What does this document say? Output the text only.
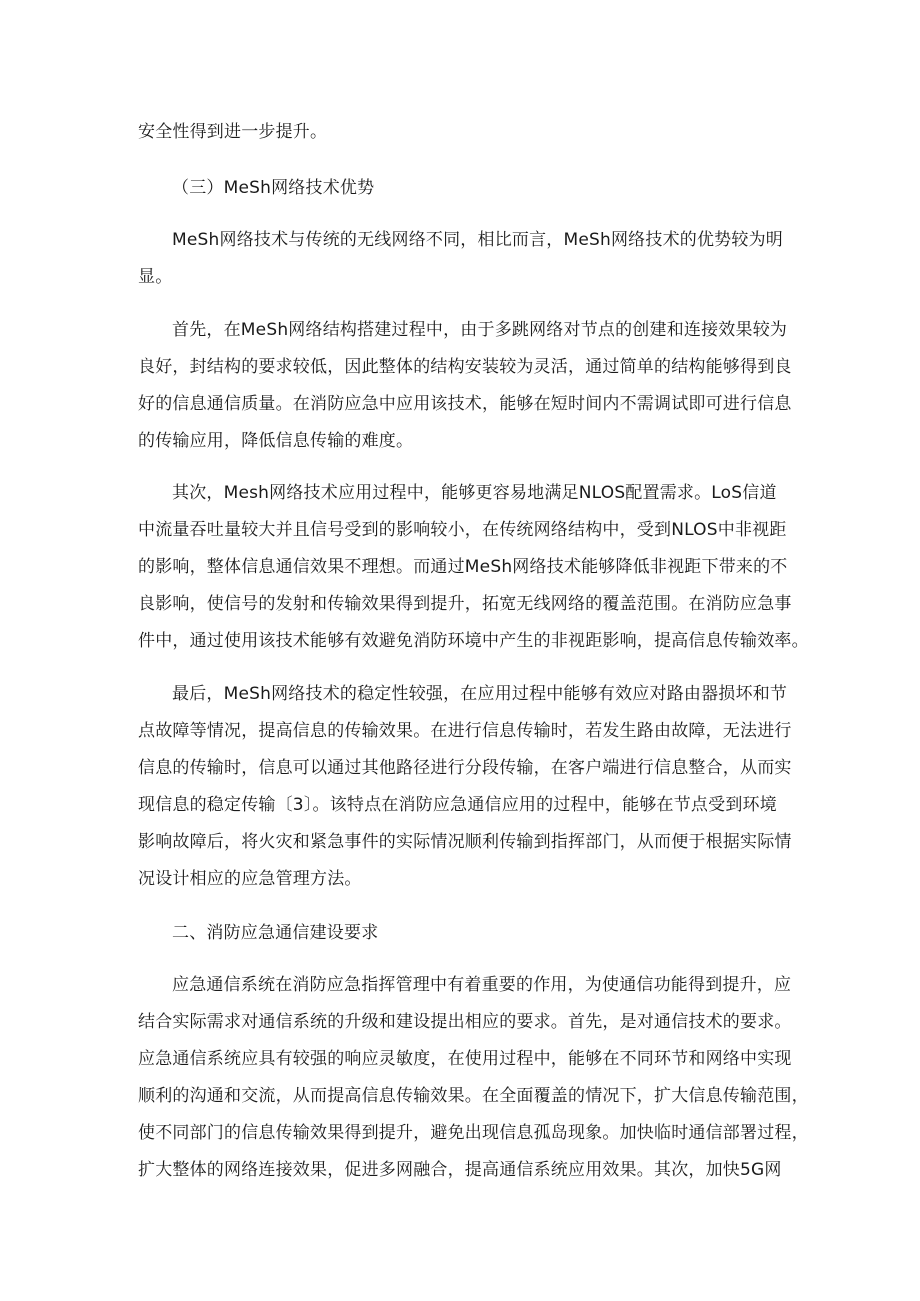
安全性得到进一步提升。
（三）MeSh网络技术优势
MeSh网络技术与传统的无线网络不同，相比而言，MeSh网络技术的优势较为明
显。
首先，在MeSh网络结构搭建过程中，由于多跳网络对节点的创建和连接效果较为
良好，封结构的要求较低，因此整体的结构安装较为灵活，通过简单的结构能够得到良
好的信息通信质量。在消防应急中应用该技术，能够在短时间内不需调试即可进行信息
的传输应用，降低信息传输的难度。
其次，Mesh网络技术应用过程中，能够更容易地满足NLOS配置需求。LoS信道
中流量吞吐量较大并且信号受到的影响较小，在传统网络结构中，受到NLOS中非视距
的影响，整体信息通信效果不理想。而通过MeSh网络技术能够降低非视距下带来的不
良影响，使信号的发射和传输效果得到提升，拓宽无线网络的覆盖范围。在消防应急事
件中，通过使用该技术能够有效避免消防环境中产生的非视距影响，提高信息传输效率。
最后，MeSh网络技术的稳定性较强，在应用过程中能够有效应对路由器损坏和节
点故障等情况，提高信息的传输效果。在进行信息传输时，若发生路由故障，无法进行
信息的传输时，信息可以通过其他路径进行分段传输，在客户端进行信息整合，从而实
现信息的稳定传输〔3〕。该特点在消防应急通信应用的过程中，能够在节点受到环境
影响故障后，将火灾和紧急事件的实际情况顺利传输到指挥部门，从而便于根据实际情
况设计相应的应急管理方法。
二、消防应急通信建设要求
应急通信系统在消防应急指挥管理中有着重要的作用，为使通信功能得到提升，应
结合实际需求对通信系统的升级和建设提出相应的要求。首先，是对通信技术的要求。
应急通信系统应具有较强的响应灵敏度，在使用过程中，能够在不同环节和网络中实现
顺利的沟通和交流，从而提高信息传输效果。在全面覆盖的情况下，扩大信息传输范围，
使不同部门的信息传输效果得到提升，避免出现信息孤岛现象。加快临时通信部署过程，
扩大整体的网络连接效果，促进多网融合，提高通信系统应用效果。其次，加快5G网
